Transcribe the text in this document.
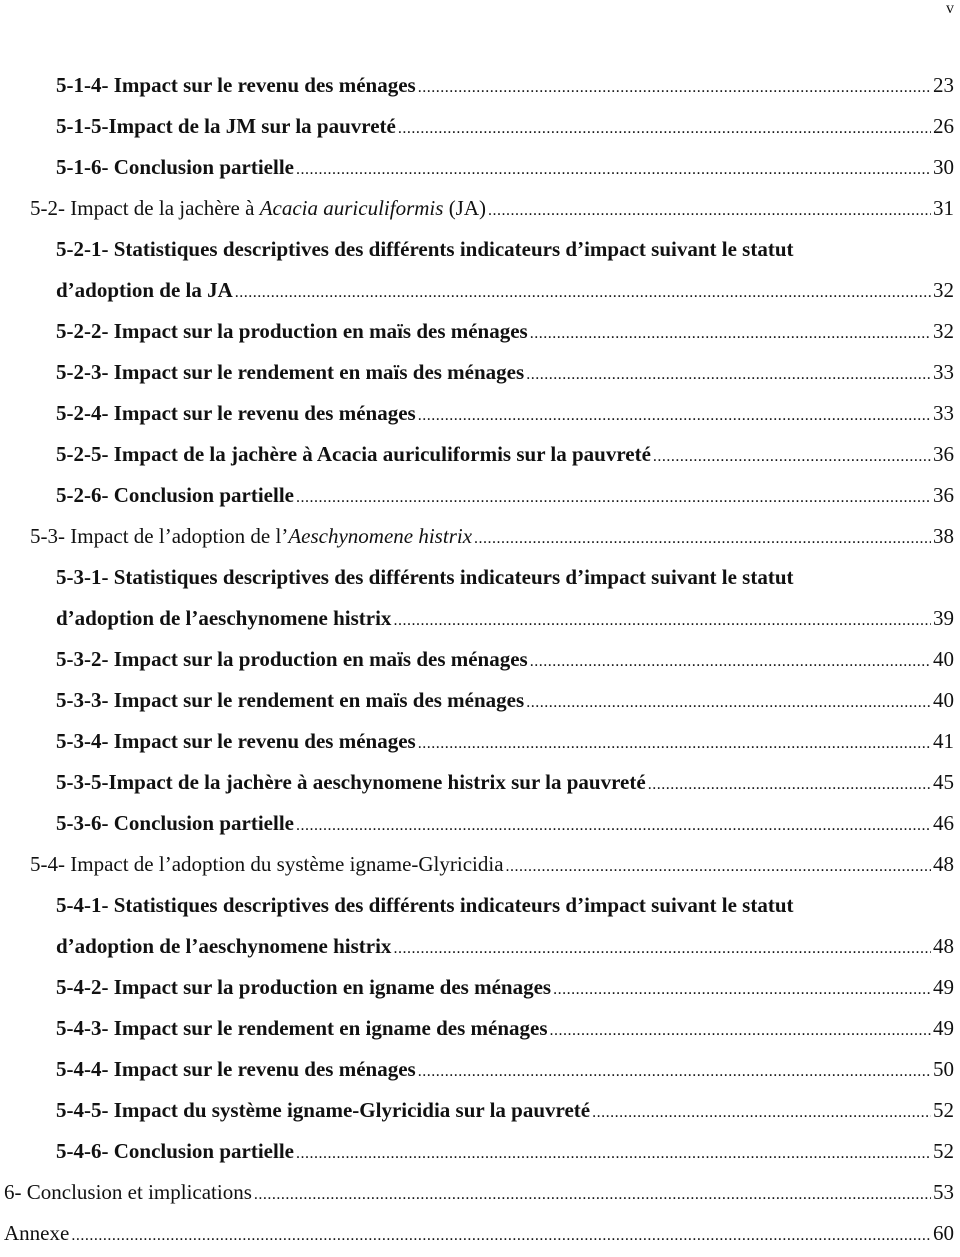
v
5-1-4- Impact sur le revenu des ménages .....	23
5-1-5-Impact de la JM sur la pauvreté .....	26
5-1-6- Conclusion partielle .....	30
5-2- Impact de la jachère à Acacia auriculiformis (JA) .....	31
5-2-1- Statistiques descriptives des différents indicateurs d’impact suivant le statut
d’adoption de la JA .....	32
5-2-2- Impact sur la production en maïs des ménages .....	32
5-2-3- Impact sur le rendement en maïs des ménages .....	33
5-2-4- Impact sur le revenu des ménages .....	33
5-2-5- Impact de la jachère à Acacia auriculiformis sur la pauvreté .....	36
5-2-6- Conclusion partielle .....	36
5-3- Impact de l’adoption de l’Aeschynomene histrix .....	38
5-3-1- Statistiques descriptives des différents indicateurs d’impact suivant le statut
d’adoption de l’aeschynomene histrix .....	39
5-3-2- Impact sur la production en maïs des ménages .....	40
5-3-3- Impact sur le rendement en maïs des ménages .....	40
5-3-4- Impact sur le revenu des ménages .....	41
5-3-5-Impact de la jachère à aeschynomene histrix sur la pauvreté .....	45
5-3-6- Conclusion partielle .....	46
5-4- Impact de l’adoption du système igname-Glyricidia .....	48
5-4-1- Statistiques descriptives des différents indicateurs d’impact suivant le statut
d’adoption de l’aeschynomene histrix .....	48
5-4-2- Impact sur la production en igname des ménages .....	49
5-4-3- Impact sur le rendement en igname des ménages .....	49
5-4-4- Impact sur le revenu des ménages .....	50
5-4-5- Impact du système igname-Glyricidia sur la pauvreté .....	52
5-4-6- Conclusion partielle .....	52
6- Conclusion et implications .....	53
Annexe .....	60
